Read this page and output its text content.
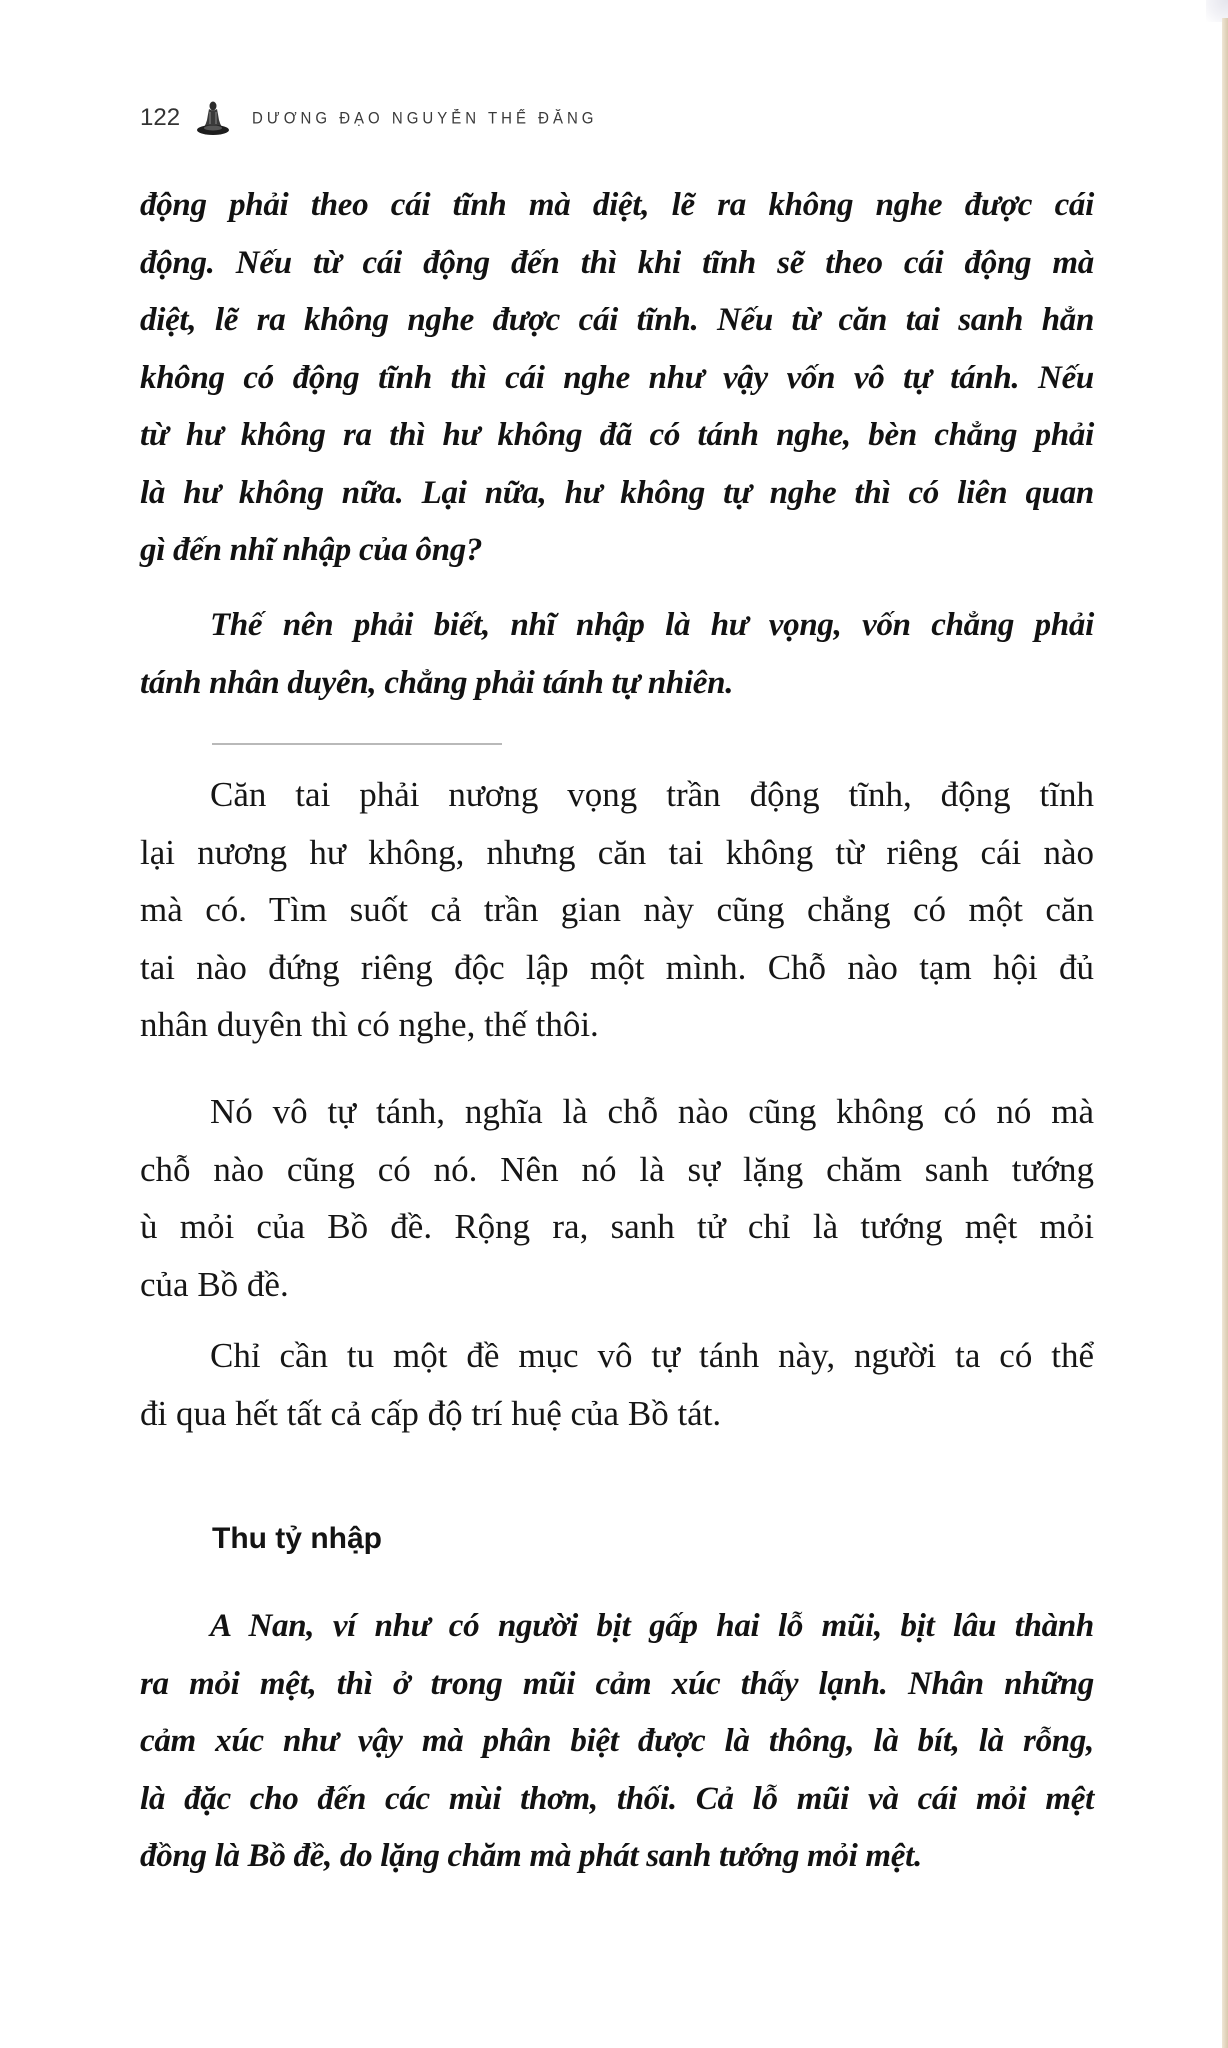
122	DƯƠNG ĐẠO NGUYỄN THẾ ĐĂNG
động phải theo cái tĩnh mà diệt, lẽ ra không nghe được cái
động. Nếu từ cái động đến thì khi tĩnh sẽ theo cái động mà
diệt, lẽ ra không nghe được cái tĩnh. Nếu từ căn tai sanh hẳn
không có động tĩnh thì cái nghe như vậy vốn vô tự tánh. Nếu
từ hư không ra thì hư không đã có tánh nghe, bèn chẳng phải
là hư không nữa. Lại nữa, hư không tự nghe thì có liên quan
gì đến nhĩ nhập của ông?
Thế nên phải biết, nhĩ nhập là hư vọng, vốn chẳng phải
tánh nhân duyên, chẳng phải tánh tự nhiên.
Căn tai phải nương vọng trần động tĩnh, động tĩnh
lại nương hư không, nhưng căn tai không từ riêng cái nào
mà có. Tìm suốt cả trần gian này cũng chẳng có một căn
tai nào đứng riêng độc lập một mình. Chỗ nào tạm hội đủ
nhân duyên thì có nghe, thế thôi.
Nó vô tự tánh, nghĩa là chỗ nào cũng không có nó mà
chỗ nào cũng có nó. Nên nó là sự lặng chăm sanh tướng
ù mỏi của Bồ đề. Rộng ra, sanh tử chỉ là tướng mệt mỏi
của Bồ đề.
Chỉ cần tu một đề mục vô tự tánh này, người ta có thể
đi qua hết tất cả cấp độ trí huệ của Bồ tát.
Thu tỷ nhập
A Nan, ví như có người bịt gấp hai lỗ mũi, bịt lâu thành
ra mỏi mệt, thì ở trong mũi cảm xúc thấy lạnh. Nhân những
cảm xúc như vậy mà phân biệt được là thông, là bít, là rỗng,
là đặc cho đến các mùi thơm, thối. Cả lỗ mũi và cái mỏi mệt
đồng là Bồ đề, do lặng chăm mà phát sanh tướng mỏi mệt.
